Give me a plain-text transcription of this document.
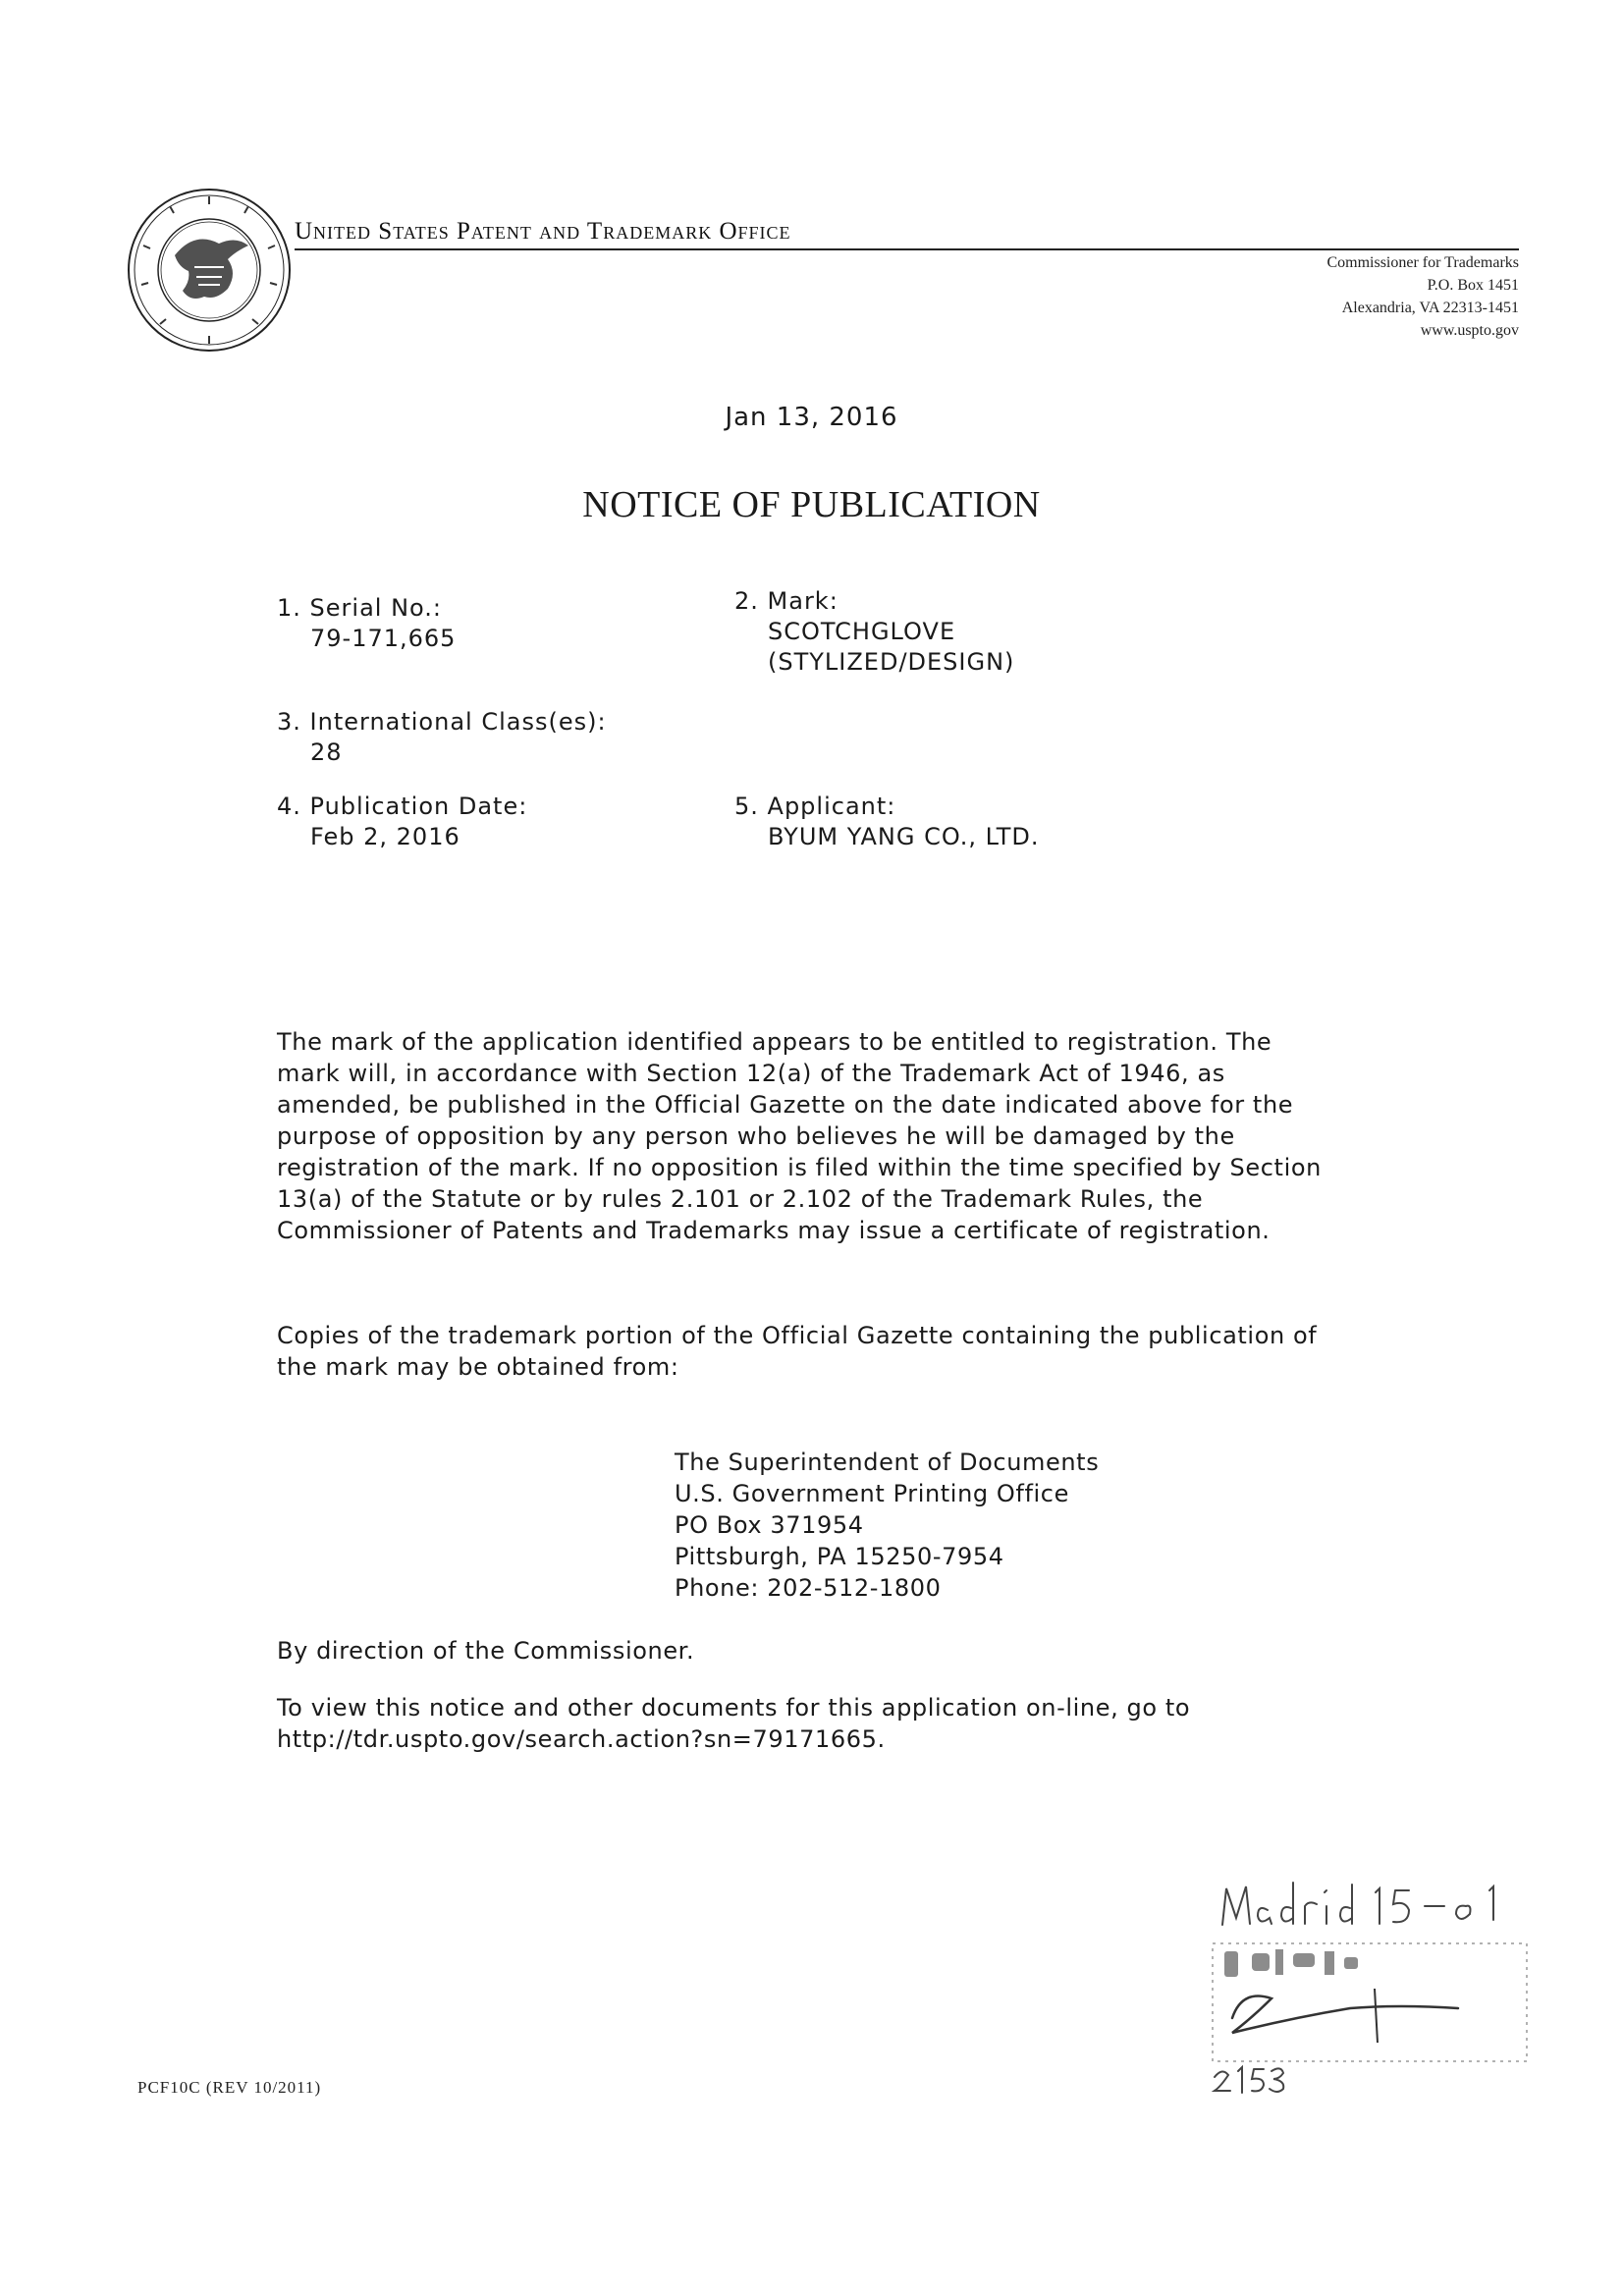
United States Patent and Trademark Office
Commissioner for Trademarks
P.O. Box 1451
Alexandria, VA 22313-1451
www.uspto.gov
Jan 13, 2016
NOTICE OF PUBLICATION
1. Serial No.:
79-171,665
2. Mark:
SCOTCHGLOVE
(STYLIZED/DESIGN)
3. International Class(es):
28
4. Publication Date:
Feb 2, 2016
5. Applicant:
BYUM YANG CO., LTD.
The mark of the application identified appears to be entitled to registration. The mark will, in accordance with Section 12(a) of the Trademark Act of 1946, as amended, be published in the Official Gazette on the date indicated above for the purpose of opposition by any person who believes he will be damaged by the registration of the mark. If no opposition is filed within the time specified by Section 13(a) of the Statute or by rules 2.101 or 2.102 of the Trademark Rules, the Commissioner of Patents and Trademarks may issue a certificate of registration.
Copies of the trademark portion of the Official Gazette containing the publication of the mark may be obtained from:
The Superintendent of Documents
U.S. Government Printing Office
PO Box 371954
Pittsburgh, PA 15250-7954
Phone: 202-512-1800
By direction of the Commissioner.
To view this notice and other documents for this application on-line, go to http://tdr.uspto.gov/search.action?sn=79171665.
PCF10C (REV 10/2011)
